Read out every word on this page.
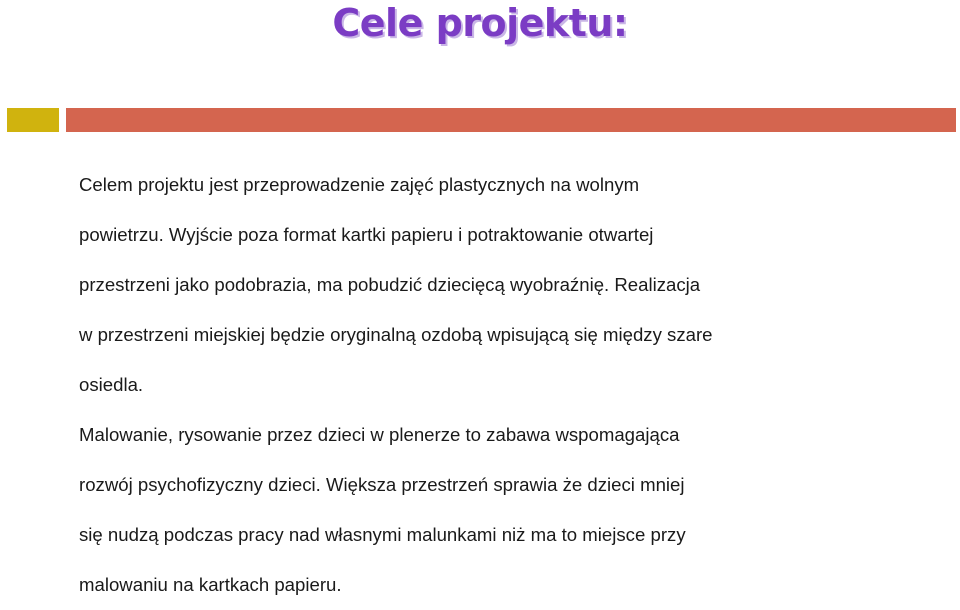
Cele projektu:

Celem projektu jest przeprowadzenie zajęć plastycznych na wolnym
powietrzu. Wyjście poza format kartki papieru i potraktowanie otwartej
przestrzeni jako podobrazia, ma pobudzić dziecięcą wyobraźnię. Realizacja
w przestrzeni miejskiej będzie oryginalną ozdobą wpisującą się między szare
osiedla.

Malowanie, rysowanie przez dzieci w plenerze to zabawa wspomagająca
rozwój psychofizyczny dzieci. Większa przestrzeń sprawia że dzieci mniej
się nudzą podczas pracy nad własnymi malunkami niż ma to miejsce przy
malowaniu na kartkach papieru.
